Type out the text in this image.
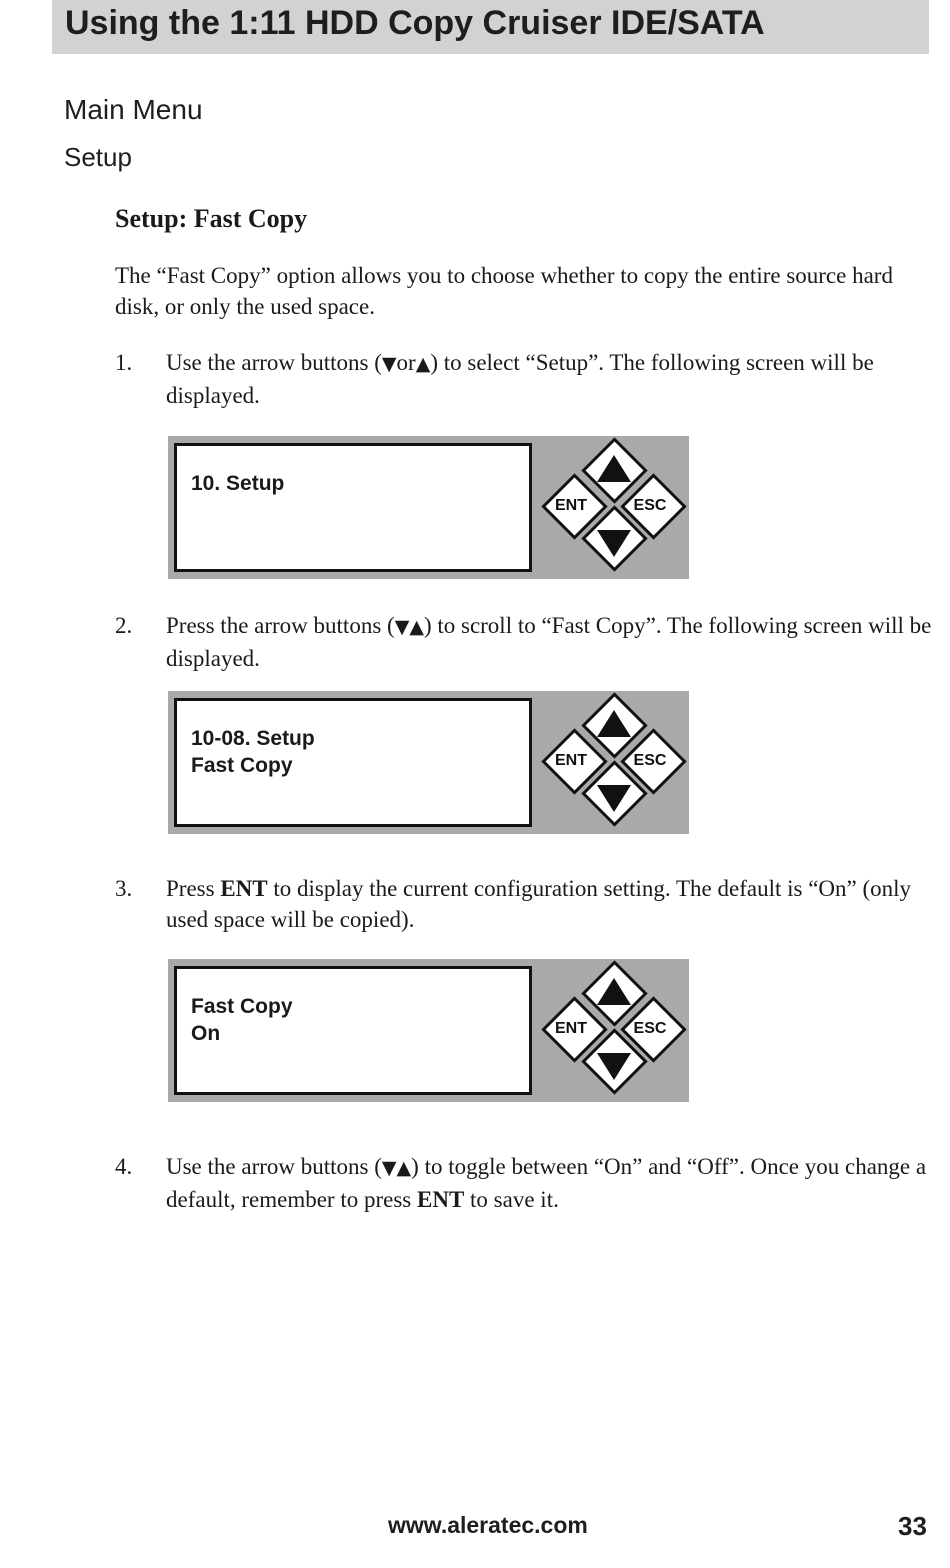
Using the 1:11 HDD Copy Cruiser IDE/SATA
Main Menu
Setup
Setup: Fast Copy
The “Fast Copy” option allows you to choose whether to copy the entire source hard disk, or only the used space.
1. Use the arrow buttons (▼or▲) to select “Setup”. The following screen will be displayed.
10. Setup
ENT	ESC
2. Press the arrow buttons (▼▲) to scroll to “Fast Copy”. The following screen will be displayed.
10-08. Setup
Fast Copy	ENT	ESC
3. Press ENT to display the current configuration setting. The default is “On” (only used space will be copied).
Fast Copy
On	ENT	ESC
4. Use the arrow buttons (▼▲) to toggle between “On” and “Off”. Once you change a default, remember to press ENT to save it.
www.aleratec.com	33
